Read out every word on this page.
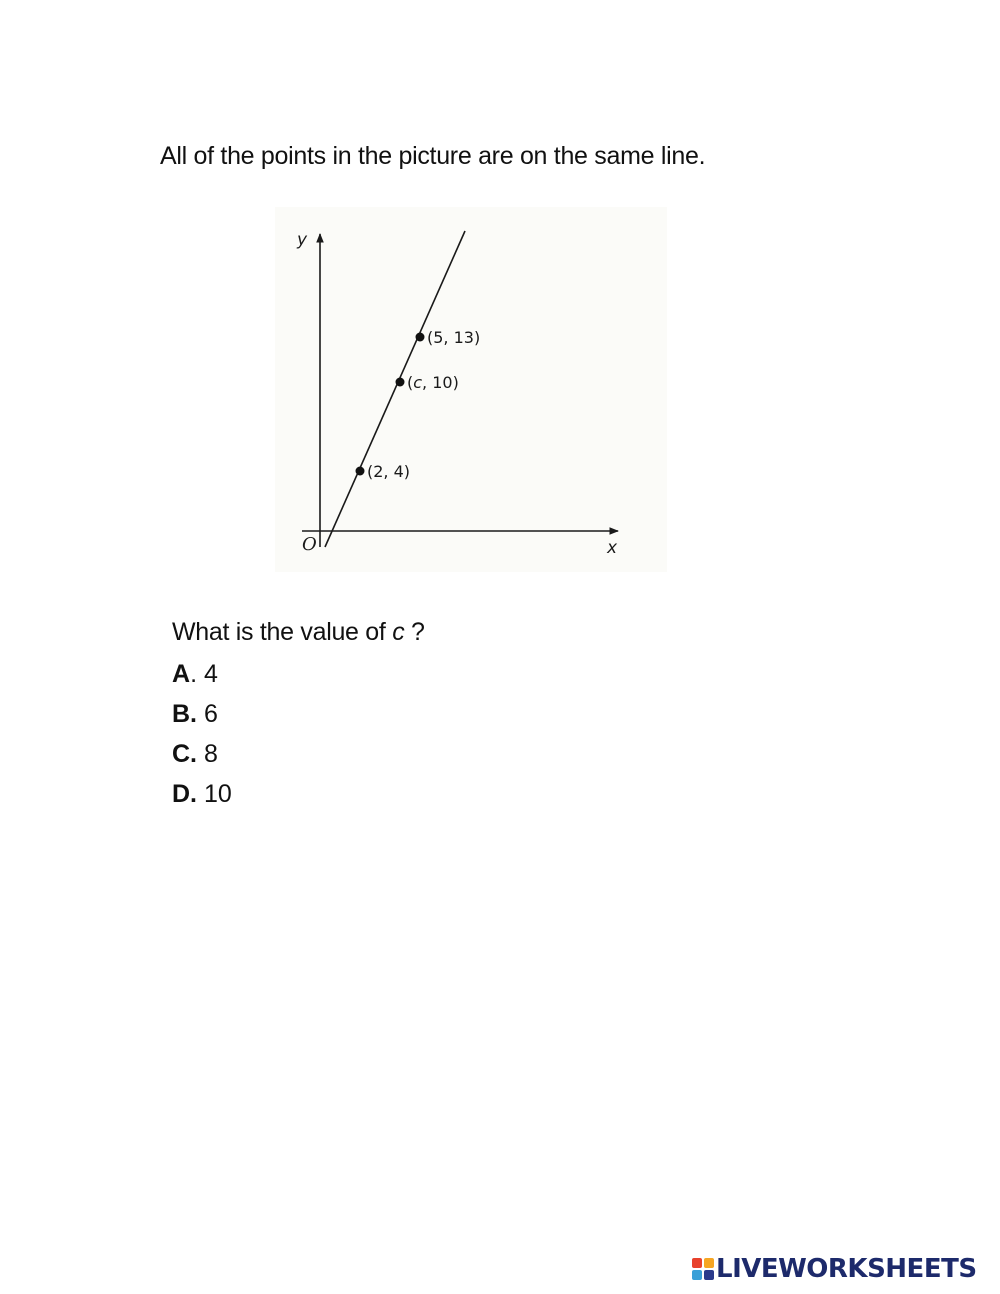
All of the points in the picture are on the same line.
y
x
O
(5, 13)
(c, 10)
(2, 4)
What is the value of c ?
A. 4
B. 6
C. 8
D. 10
LIVEWORKSHEETS
